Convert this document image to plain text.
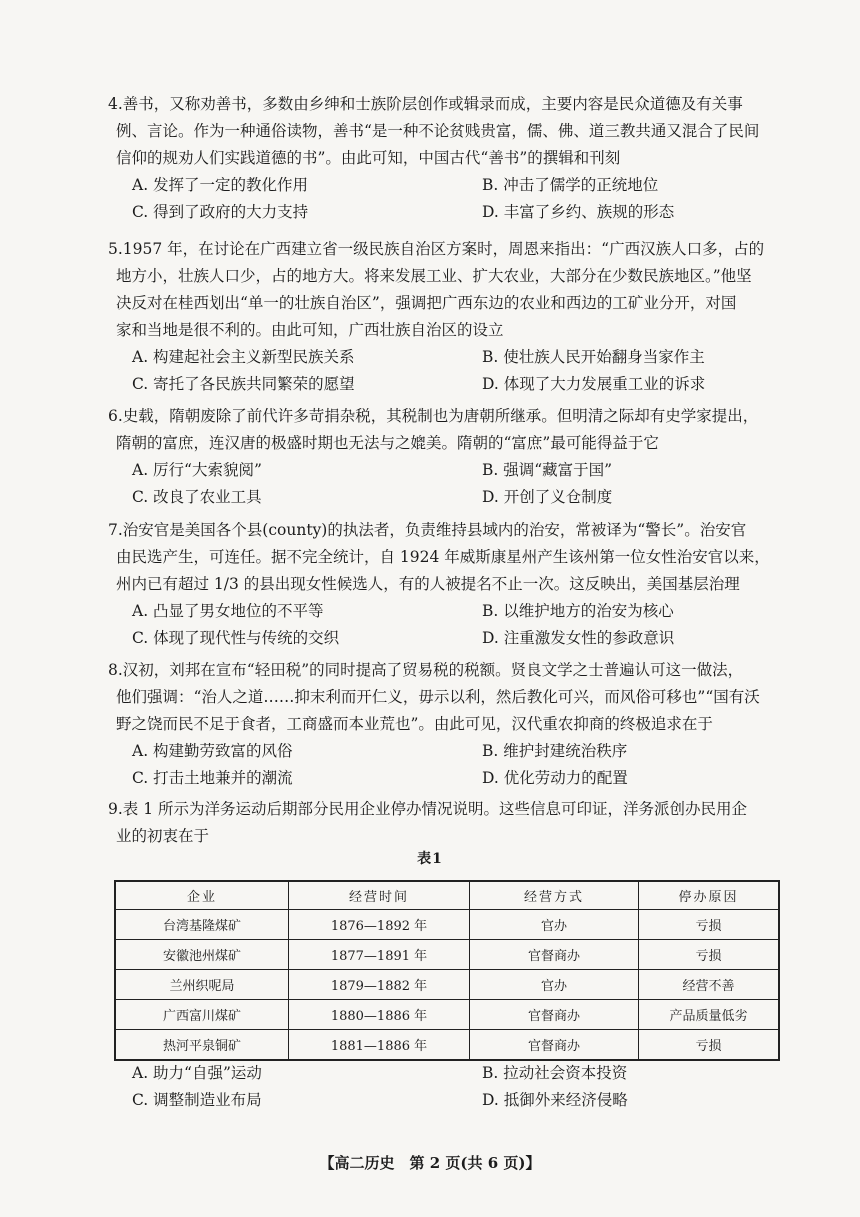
4.善书，又称劝善书，多数由乡绅和士族阶层创作或辑录而成，主要内容是民众道德及有关事
例、言论。作为一种通俗读物，善书“是一种不论贫贱贵富，儒、佛、道三教共通又混合了民间
信仰的规劝人们实践道德的书”。由此可知，中国古代“善书”的撰辑和刊刻
A. 发挥了一定的教化作用	B. 冲击了儒学的正统地位
C. 得到了政府的大力支持	D. 丰富了乡约、族规的形态
5.1957 年，在讨论在广西建立省一级民族自治区方案时，周恩来指出：“广西汉族人口多，占的
地方小，壮族人口少，占的地方大。将来发展工业、扩大农业，大部分在少数民族地区。”他坚
决反对在桂西划出“单一的壮族自治区”，强调把广西东边的农业和西边的工矿业分开，对国
家和当地是很不利的。由此可知，广西壮族自治区的设立
A. 构建起社会主义新型民族关系	B. 使壮族人民开始翻身当家作主
C. 寄托了各民族共同繁荣的愿望	D. 体现了大力发展重工业的诉求
6.史载，隋朝废除了前代许多苛捐杂税，其税制也为唐朝所继承。但明清之际却有史学家提出，
隋朝的富庶，连汉唐的极盛时期也无法与之媲美。隋朝的“富庶”最可能得益于它
A. 厉行“大索貌阅”	B. 强调“藏富于国”
C. 改良了农业工具	D. 开创了义仓制度
7.治安官是美国各个县(county)的执法者，负责维持县域内的治安，常被译为“警长”。治安官
由民选产生，可连任。据不完全统计，自 1924 年威斯康星州产生该州第一位女性治安官以来，
州内已有超过 1/3 的县出现女性候选人，有的人被提名不止一次。这反映出，美国基层治理
A. 凸显了男女地位的不平等	B. 以维护地方的治安为核心
C. 体现了现代性与传统的交织	D. 注重激发女性的参政意识
8.汉初，刘邦在宣布“轻田税”的同时提高了贸易税的税额。贤良文学之士普遍认可这一做法，
他们强调：“治人之道……抑末利而开仁义，毋示以利，然后教化可兴，而风俗可移也”“国有沃
野之饶而民不足于食者，工商盛而本业荒也”。由此可见，汉代重农抑商的终极追求在于
A. 构建勤劳致富的风俗	B. 维护封建统治秩序
C. 打击土地兼并的潮流	D. 优化劳动力的配置
9.表 1 所示为洋务运动后期部分民用企业停办情况说明。这些信息可印证，洋务派创办民用企
业的初衷在于
表1
企业	经营时间	经营方式	停办原因
台湾基隆煤矿	1876—1892 年	官办	亏损
安徽池州煤矿	1877—1891 年	官督商办	亏损
兰州织呢局	1879—1882 年	官办	经营不善
广西富川煤矿	1880—1886 年	官督商办	产品质量低劣
热河平泉铜矿	1881—1886 年	官督商办	亏损
A. 助力“自强”运动	B. 拉动社会资本投资
C. 调整制造业布局	D. 抵御外来经济侵略
【高二历史　第 2 页(共 6 页)】
